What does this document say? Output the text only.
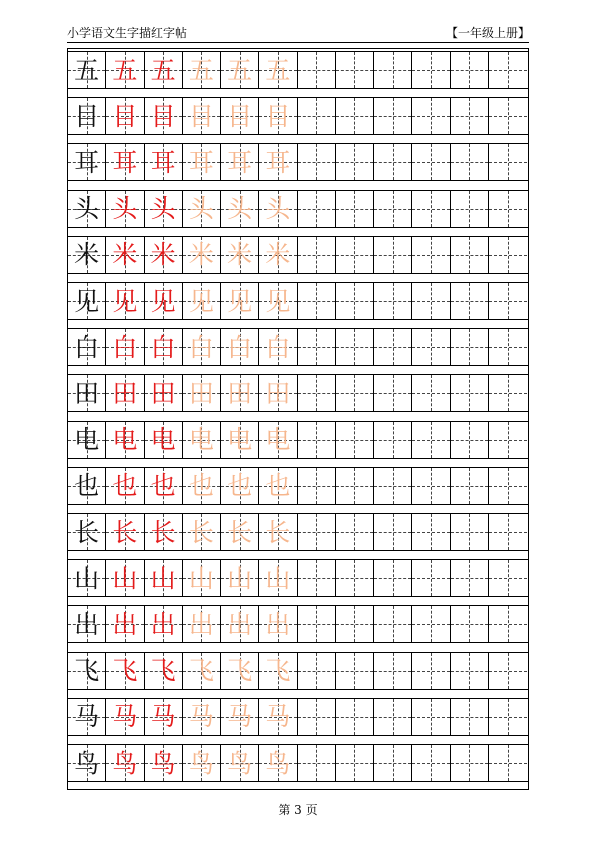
小学语文生字描红字帖	【一年级上册】
五 五 五 五 五 五
目 目 目 目 目 目
耳 耳 耳 耳 耳 耳
头 头 头 头 头 头
米 米 米 米 米 米
见 见 见 见 见 见
白 白 白 白 白 白
田 田 田 田 田 田
电 电 电 电 电 电
也 也 也 也 也 也
长 长 长 长 长 长
山 山 山 山 山 山
出 出 出 出 出 出
飞 飞 飞 飞 飞 飞
马 马 马 马 马 马
鸟 鸟 鸟 鸟 鸟 鸟
第 3 页
